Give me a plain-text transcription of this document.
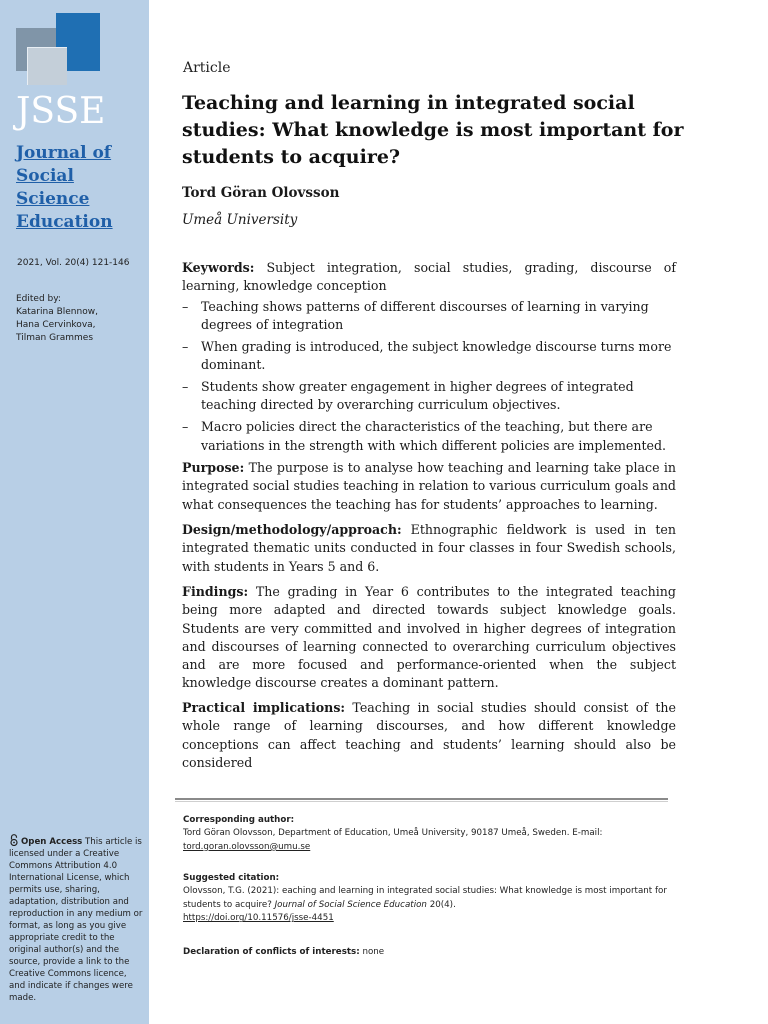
JSSE
Journal of
Social
Science
Education
2021, Vol. 20(4) 121-146
Edited by:
Katarina Blennow,
Hana Cervinkova,
Tilman Grammes
Open Access This article is licensed under a Creative Commons Attribution 4.0 International License, which permits use, sharing, adaptation, distribution and reproduction in any medium or format, as long as you give appropriate credit to the original author(s) and the source, provide a link to the Creative Commons licence, and indicate if changes were made.
Article
Teaching and learning in integrated social
studies: What knowledge is most important for
students to acquire?
Tord Göran Olovsson
Umeå University

Keywords: Subject integration, social studies, grading, discourse of learning, knowledge conception

– Teaching shows patterns of different discourses of learning in varying degrees of integration
– When grading is introduced, the subject knowledge discourse turns more dominant.
– Students show greater engagement in higher degrees of integrated teaching directed by overarching curriculum objectives.
– Macro policies direct the characteristics of the teaching, but there are variations in the strength with which different policies are implemented.

Purpose: The purpose is to analyse how teaching and learning take place in integrated social studies teaching in relation to various curriculum goals and what consequences the teaching has for students’ approaches to learning.

Design/methodology/approach: Ethnographic fieldwork is used in ten integrated thematic units conducted in four classes in four Swedish schools, with students in Years 5 and 6.

Findings: The grading in Year 6 contributes to the integrated teaching being more adapted and directed towards subject knowledge goals. Students are very committed and involved in higher degrees of integration and discourses of learning connected to overarching curriculum objectives and are more focused and performance-oriented when the subject knowledge discourse creates a dominant pattern.

Practical implications: Teaching in social studies should consist of the whole range of learning discourses, and how different knowledge conceptions can affect teaching and students’ learning should also be considered

Corresponding author:
Tord Göran Olovsson, Department of Education, Umeå University, 90187 Umeå, Sweden. E-mail:
tord.goran.olovsson@umu.se
Suggested citation:
Olovsson, T.G. (2021): eaching and learning in integrated social studies: What knowledge is most important for students to acquire? Journal of Social Science Education 20(4).
https://doi.org/10.11576/jsse-4451
Declaration of conflicts of interests: none
